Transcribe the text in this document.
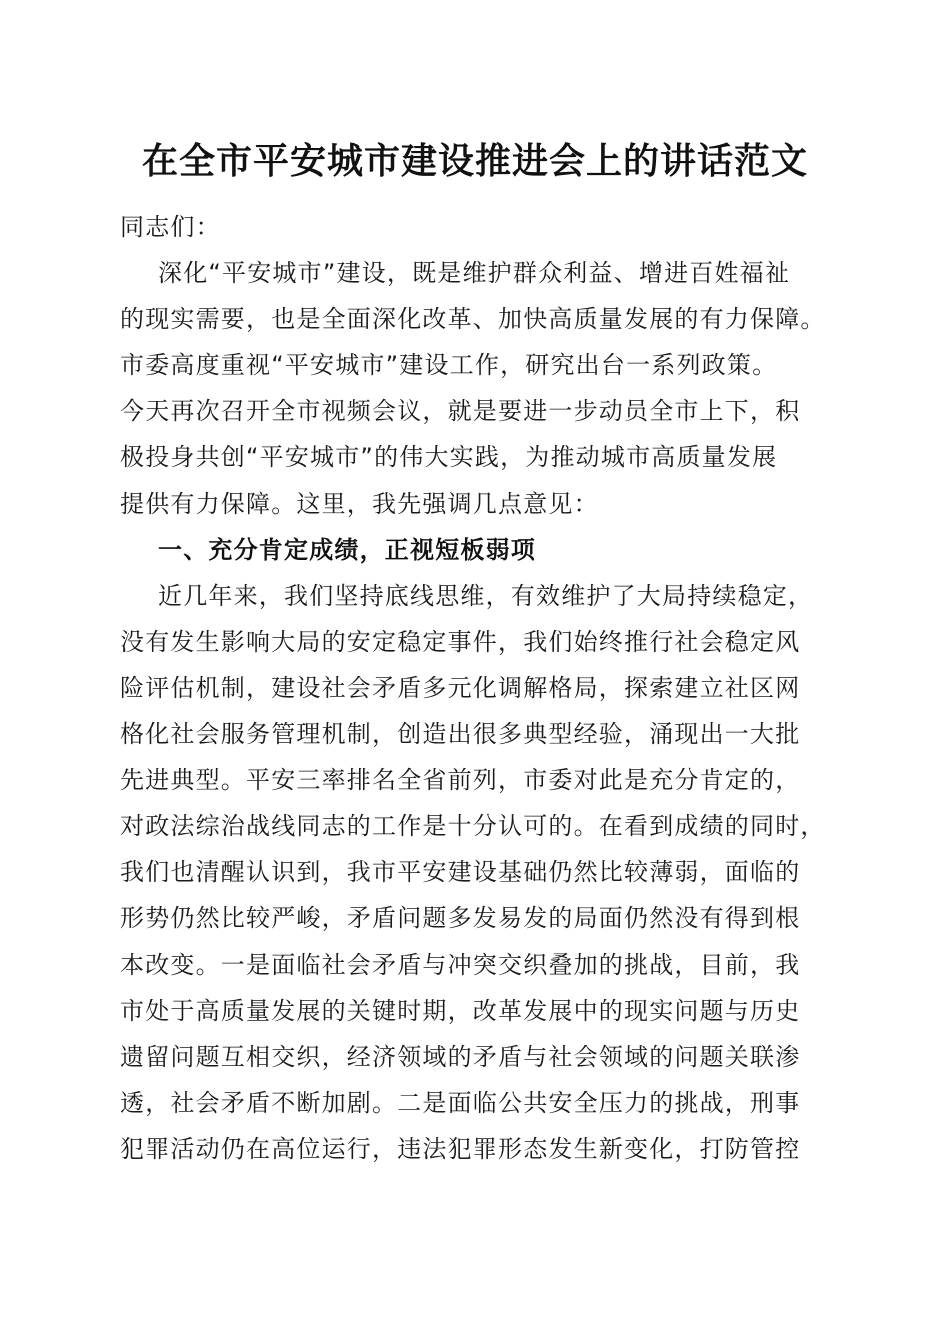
在全市平安城市建设推进会上的讲话范文
同志们：
深化“平安城市”建设，既是维护群众利益、增进百姓福祉
的现实需要，也是全面深化改革、加快高质量发展的有力保障。
市委高度重视“平安城市”建设工作，研究出台一系列政策。
今天再次召开全市视频会议，就是要进一步动员全市上下，积
极投身共创“平安城市”的伟大实践，为推动城市高质量发展
提供有力保障。这里，我先强调几点意见：
一、充分肯定成绩，正视短板弱项
近几年来，我们坚持底线思维，有效维护了大局持续稳定，
没有发生影响大局的安定稳定事件，我们始终推行社会稳定风
险评估机制，建设社会矛盾多元化调解格局，探索建立社区网
格化社会服务管理机制，创造出很多典型经验，涌现出一大批
先进典型。平安三率排名全省前列，市委对此是充分肯定的，
对政法综治战线同志的工作是十分认可的。在看到成绩的同时，
我们也清醒认识到，我市平安建设基础仍然比较薄弱，面临的
形势仍然比较严峻，矛盾问题多发易发的局面仍然没有得到根
本改变。一是面临社会矛盾与冲突交织叠加的挑战，目前，我
市处于高质量发展的关键时期，改革发展中的现实问题与历史
遗留问题互相交织，经济领域的矛盾与社会领域的问题关联渗
透，社会矛盾不断加剧。二是面临公共安全压力的挑战，刑事
犯罪活动仍在高位运行，违法犯罪形态发生新变化，打防管控
